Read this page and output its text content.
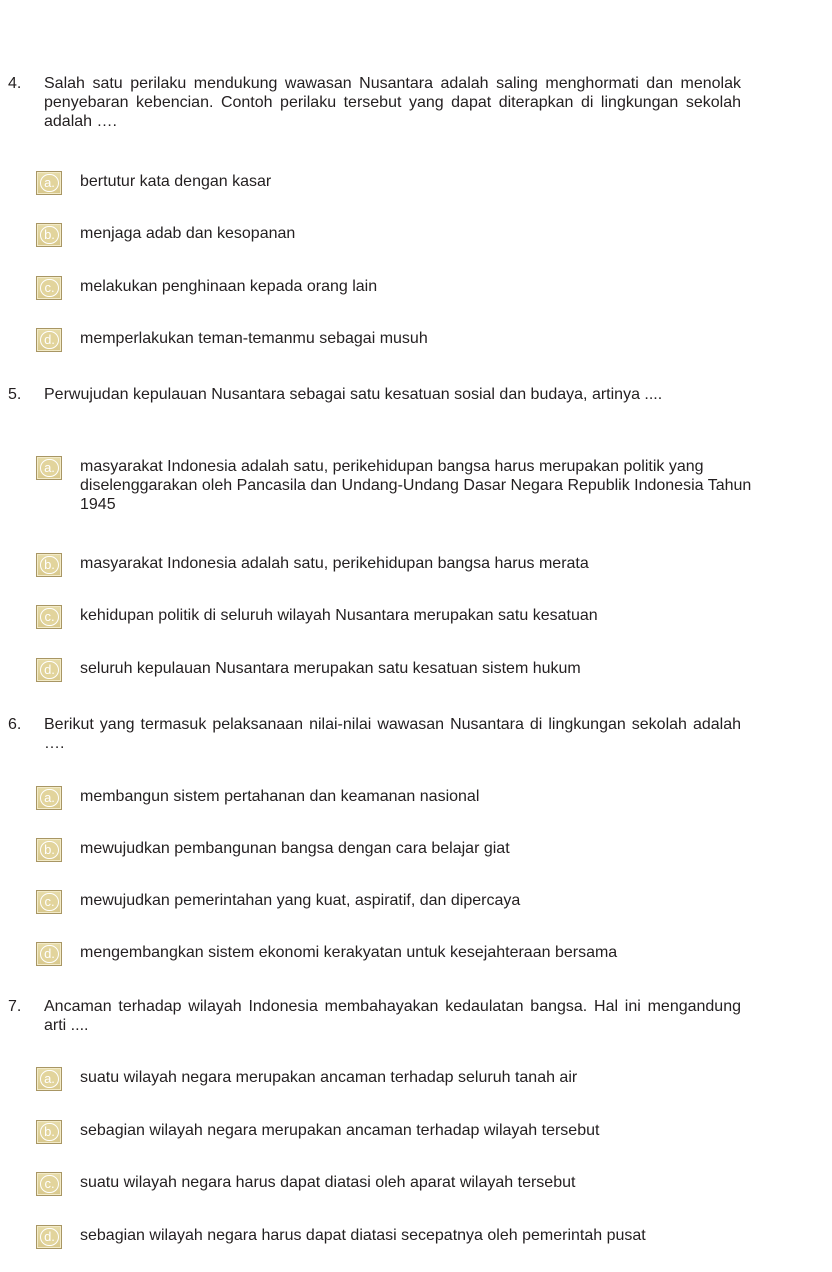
4. Salah satu perilaku mendukung wawasan Nusantara adalah saling menghormati dan menolak penyebaran kebencian. Contoh perilaku tersebut yang dapat diterapkan di lingkungan sekolah adalah ….
a. bertutur kata dengan kasar
b. menjaga adab dan kesopanan
c. melakukan penghinaan kepada orang lain
d. memperlakukan teman-temanmu sebagai musuh
5. Perwujudan kepulauan Nusantara sebagai satu kesatuan sosial dan budaya, artinya ....
a. masyarakat Indonesia adalah satu, perikehidupan bangsa harus merupakan politik yang diselenggarakan oleh Pancasila dan Undang-Undang Dasar Negara Republik Indonesia Tahun 1945
b. masyarakat Indonesia adalah satu, perikehidupan bangsa harus merata
c. kehidupan politik di seluruh wilayah Nusantara merupakan satu kesatuan
d. seluruh kepulauan Nusantara merupakan satu kesatuan sistem hukum
6. Berikut yang termasuk pelaksanaan nilai-nilai wawasan Nusantara di lingkungan sekolah adalah ….
a. membangun sistem pertahanan dan keamanan nasional
b. mewujudkan pembangunan bangsa dengan cara belajar giat
c. mewujudkan pemerintahan yang kuat, aspiratif, dan dipercaya
d. mengembangkan sistem ekonomi kerakyatan untuk kesejahteraan bersama
7. Ancaman terhadap wilayah Indonesia membahayakan kedaulatan bangsa. Hal ini mengandung arti ....
a. suatu wilayah negara merupakan ancaman terhadap seluruh tanah air
b. sebagian wilayah negara merupakan ancaman terhadap wilayah tersebut
c. suatu wilayah negara harus dapat diatasi oleh aparat wilayah tersebut
d. sebagian wilayah negara harus dapat diatasi secepatnya oleh pemerintah pusat
